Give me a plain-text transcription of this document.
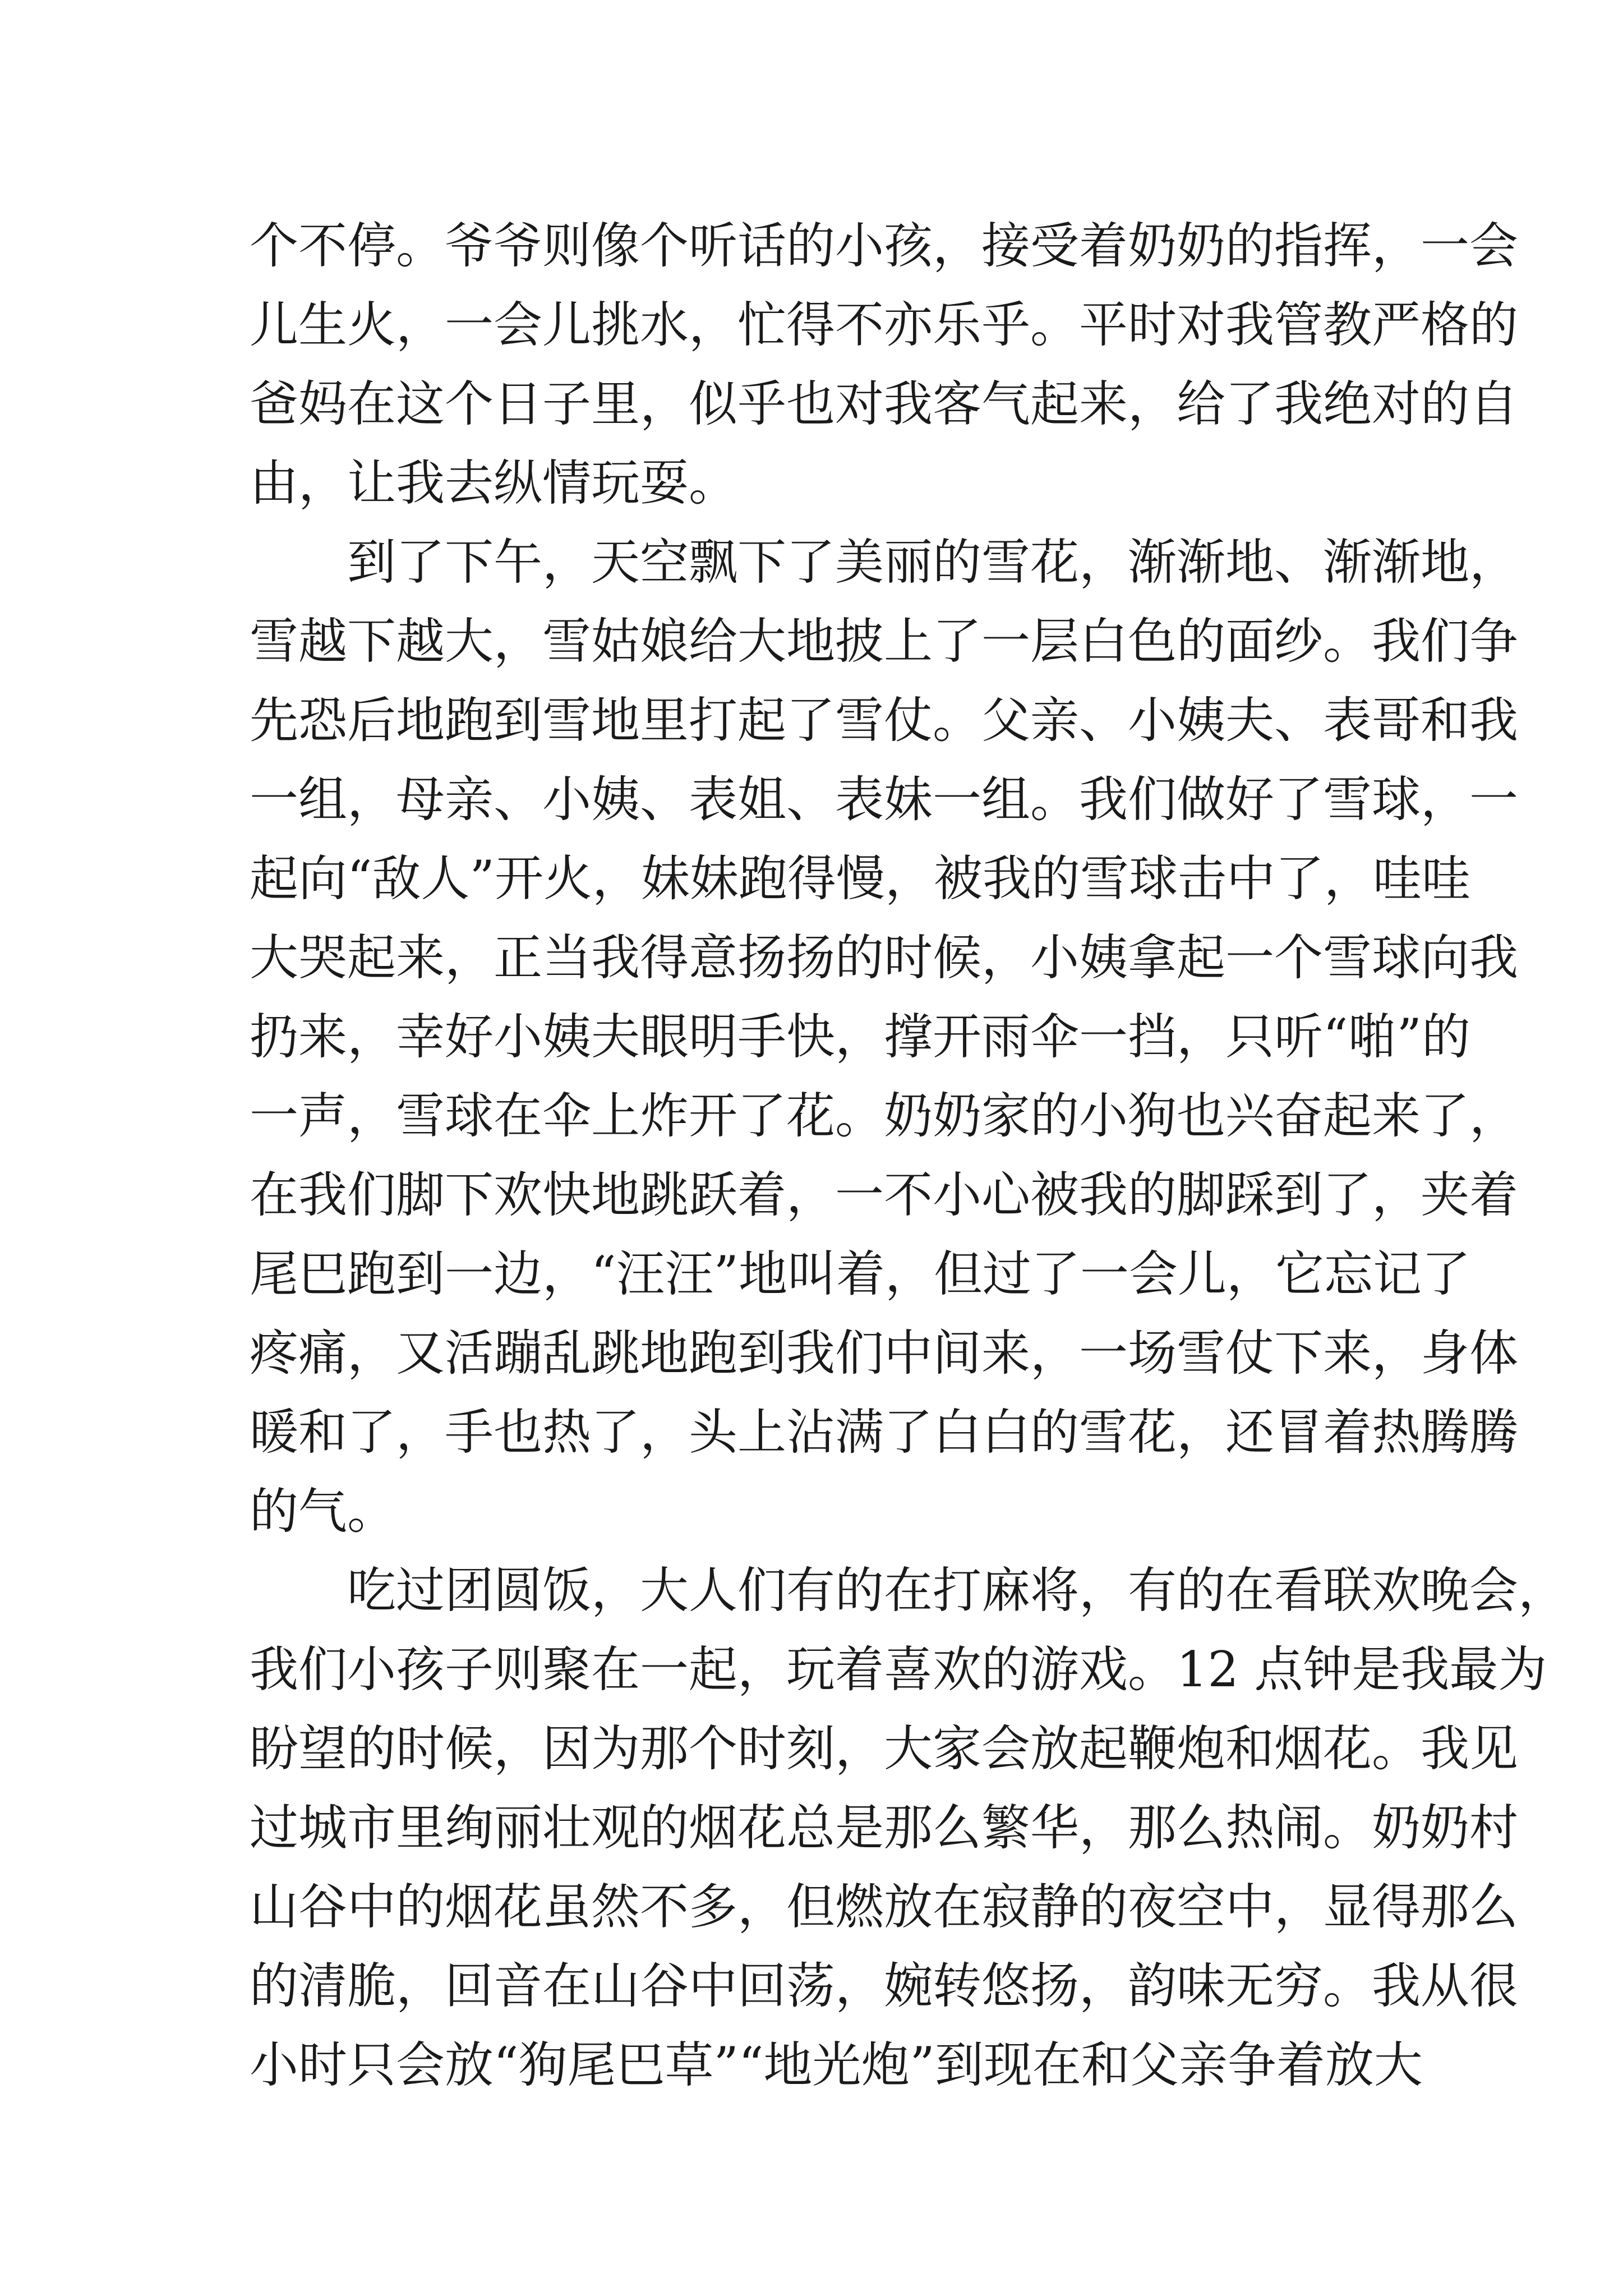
个不停。爷爷则像个听话的小孩，接受着奶奶的指挥，一会
儿生火，一会儿挑水，忙得不亦乐乎。平时对我管教严格的
爸妈在这个日子里，似乎也对我客气起来，给了我绝对的自
由，让我去纵情玩耍。

到了下午，天空飘下了美丽的雪花，渐渐地、渐渐地，
雪越下越大，雪姑娘给大地披上了一层白色的面纱。我们争
先恐后地跑到雪地里打起了雪仗。父亲、小姨夫、表哥和我
一组，母亲、小姨、表姐、表妹一组。我们做好了雪球，一
起向“敌人”开火，妹妹跑得慢，被我的雪球击中了，哇哇
大哭起来，正当我得意扬扬的时候，小姨拿起一个雪球向我
扔来，幸好小姨夫眼明手快，撑开雨伞一挡，只听“啪”的
一声，雪球在伞上炸开了花。奶奶家的小狗也兴奋起来了，
在我们脚下欢快地跳跃着，一不小心被我的脚踩到了，夹着
尾巴跑到一边，“汪汪”地叫着，但过了一会儿，它忘记了
疼痛，又活蹦乱跳地跑到我们中间来，一场雪仗下来，身体
暖和了，手也热了，头上沾满了白白的雪花，还冒着热腾腾
的气。

吃过团圆饭，大人们有的在打麻将，有的在看联欢晚会，
我们小孩子则聚在一起，玩着喜欢的游戏。12 点钟是我最为
盼望的时候，因为那个时刻，大家会放起鞭炮和烟花。我见
过城市里绚丽壮观的烟花总是那么繁华，那么热闹。奶奶村
山谷中的烟花虽然不多，但燃放在寂静的夜空中，显得那么
的清脆，回音在山谷中回荡，婉转悠扬，韵味无穷。我从很
小时只会放“狗尾巴草”“地光炮”到现在和父亲争着放大
